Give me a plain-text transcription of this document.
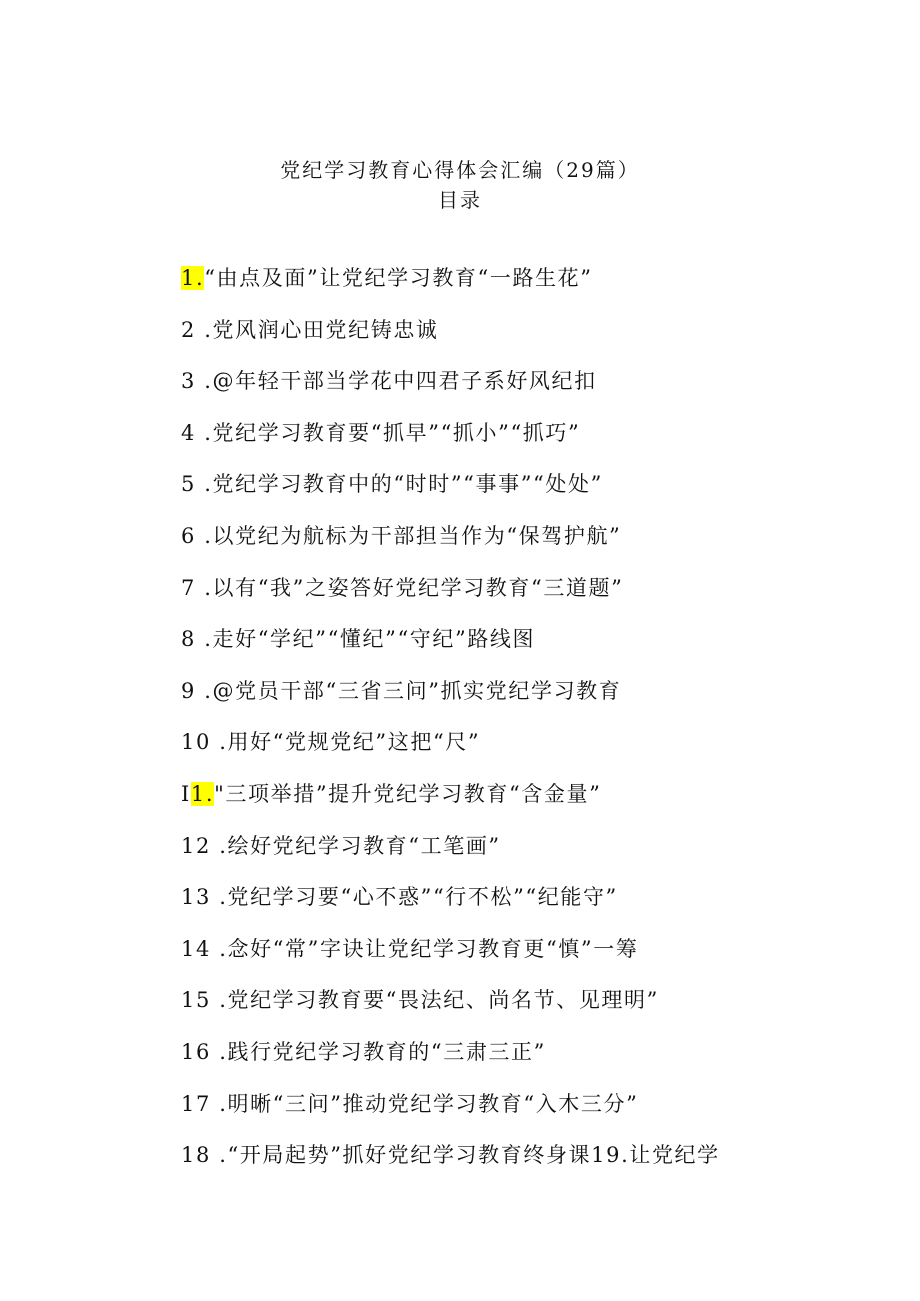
党纪学习教育心得体会汇编（29篇）
目录
1.“由点及面”让党纪学习教育“一路生花”
2 .党风润心田党纪铸忠诚
3 .@年轻干部当学花中四君子系好风纪扣
4 .党纪学习教育要“抓早”“抓小”“抓巧”
5 .党纪学习教育中的“时时”“事事”“处处”
6 .以党纪为航标为干部担当作为“保驾护航”
7 .以有“我”之姿答好党纪学习教育“三道题”
8 .走好“学纪”“懂纪”“守纪”路线图
9 .@党员干部“三省三问”抓实党纪学习教育
10 .用好“党规党纪”这把“尺”
I1."三项举措”提升党纪学习教育“含金量”
12 .绘好党纪学习教育“工笔画”
13 .党纪学习要“心不惑”“行不松”“纪能守”
14 .念好“常”字诀让党纪学习教育更“慎”一筹
15 .党纪学习教育要“畏法纪、尚名节、见理明”
16 .践行党纪学习教育的“三肃三正”
17 .明晰“三问”推动党纪学习教育“入木三分”
18 .“开局起势”抓好党纪学习教育终身课19.让党纪学
